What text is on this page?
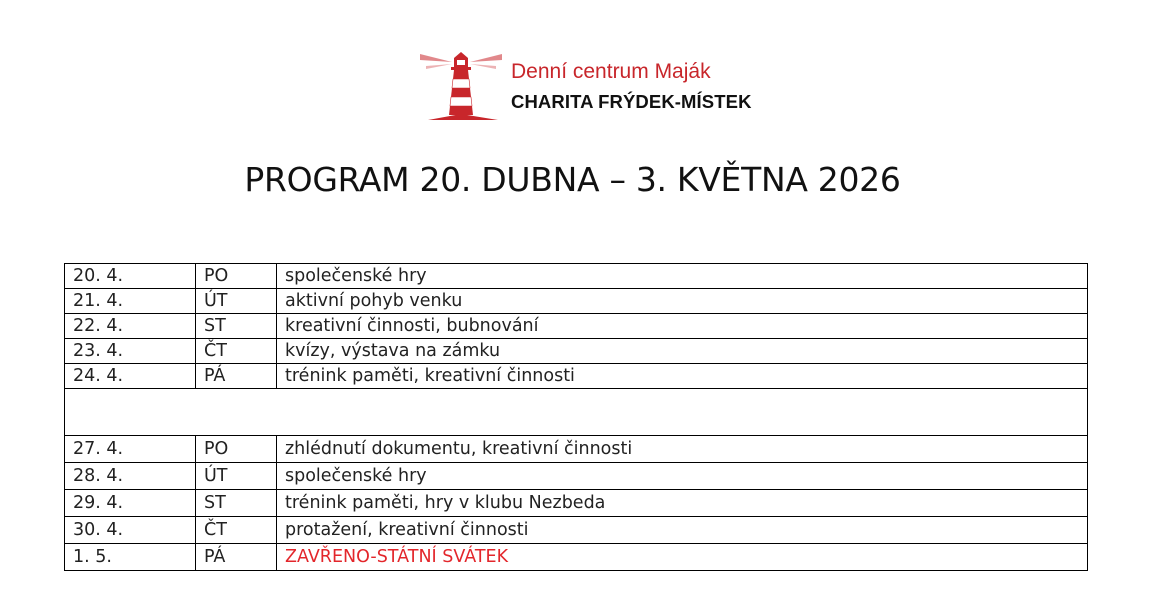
Denní centrum Maják
CHARITA FRÝDEK-MÍSTEK
PROGRAM 20. DUBNA – 3. KVĚTNA 2026
20. 4.	PO	společenské hry
21. 4.	ÚT	aktivní pohyb venku
22. 4.	ST	kreativní činnosti, bubnování
23. 4.	ČT	kvízy, výstava na zámku
24. 4.	PÁ	trénink paměti, kreativní činnosti

27. 4.	PO	zhlédnutí dokumentu, kreativní činnosti
28. 4.	ÚT	společenské hry
29. 4.	ST	trénink paměti, hry v klubu Nezbeda
30. 4.	ČT	protažení, kreativní činnosti
1. 5.	PÁ	ZAVŘENO-STÁTNÍ SVÁTEK
